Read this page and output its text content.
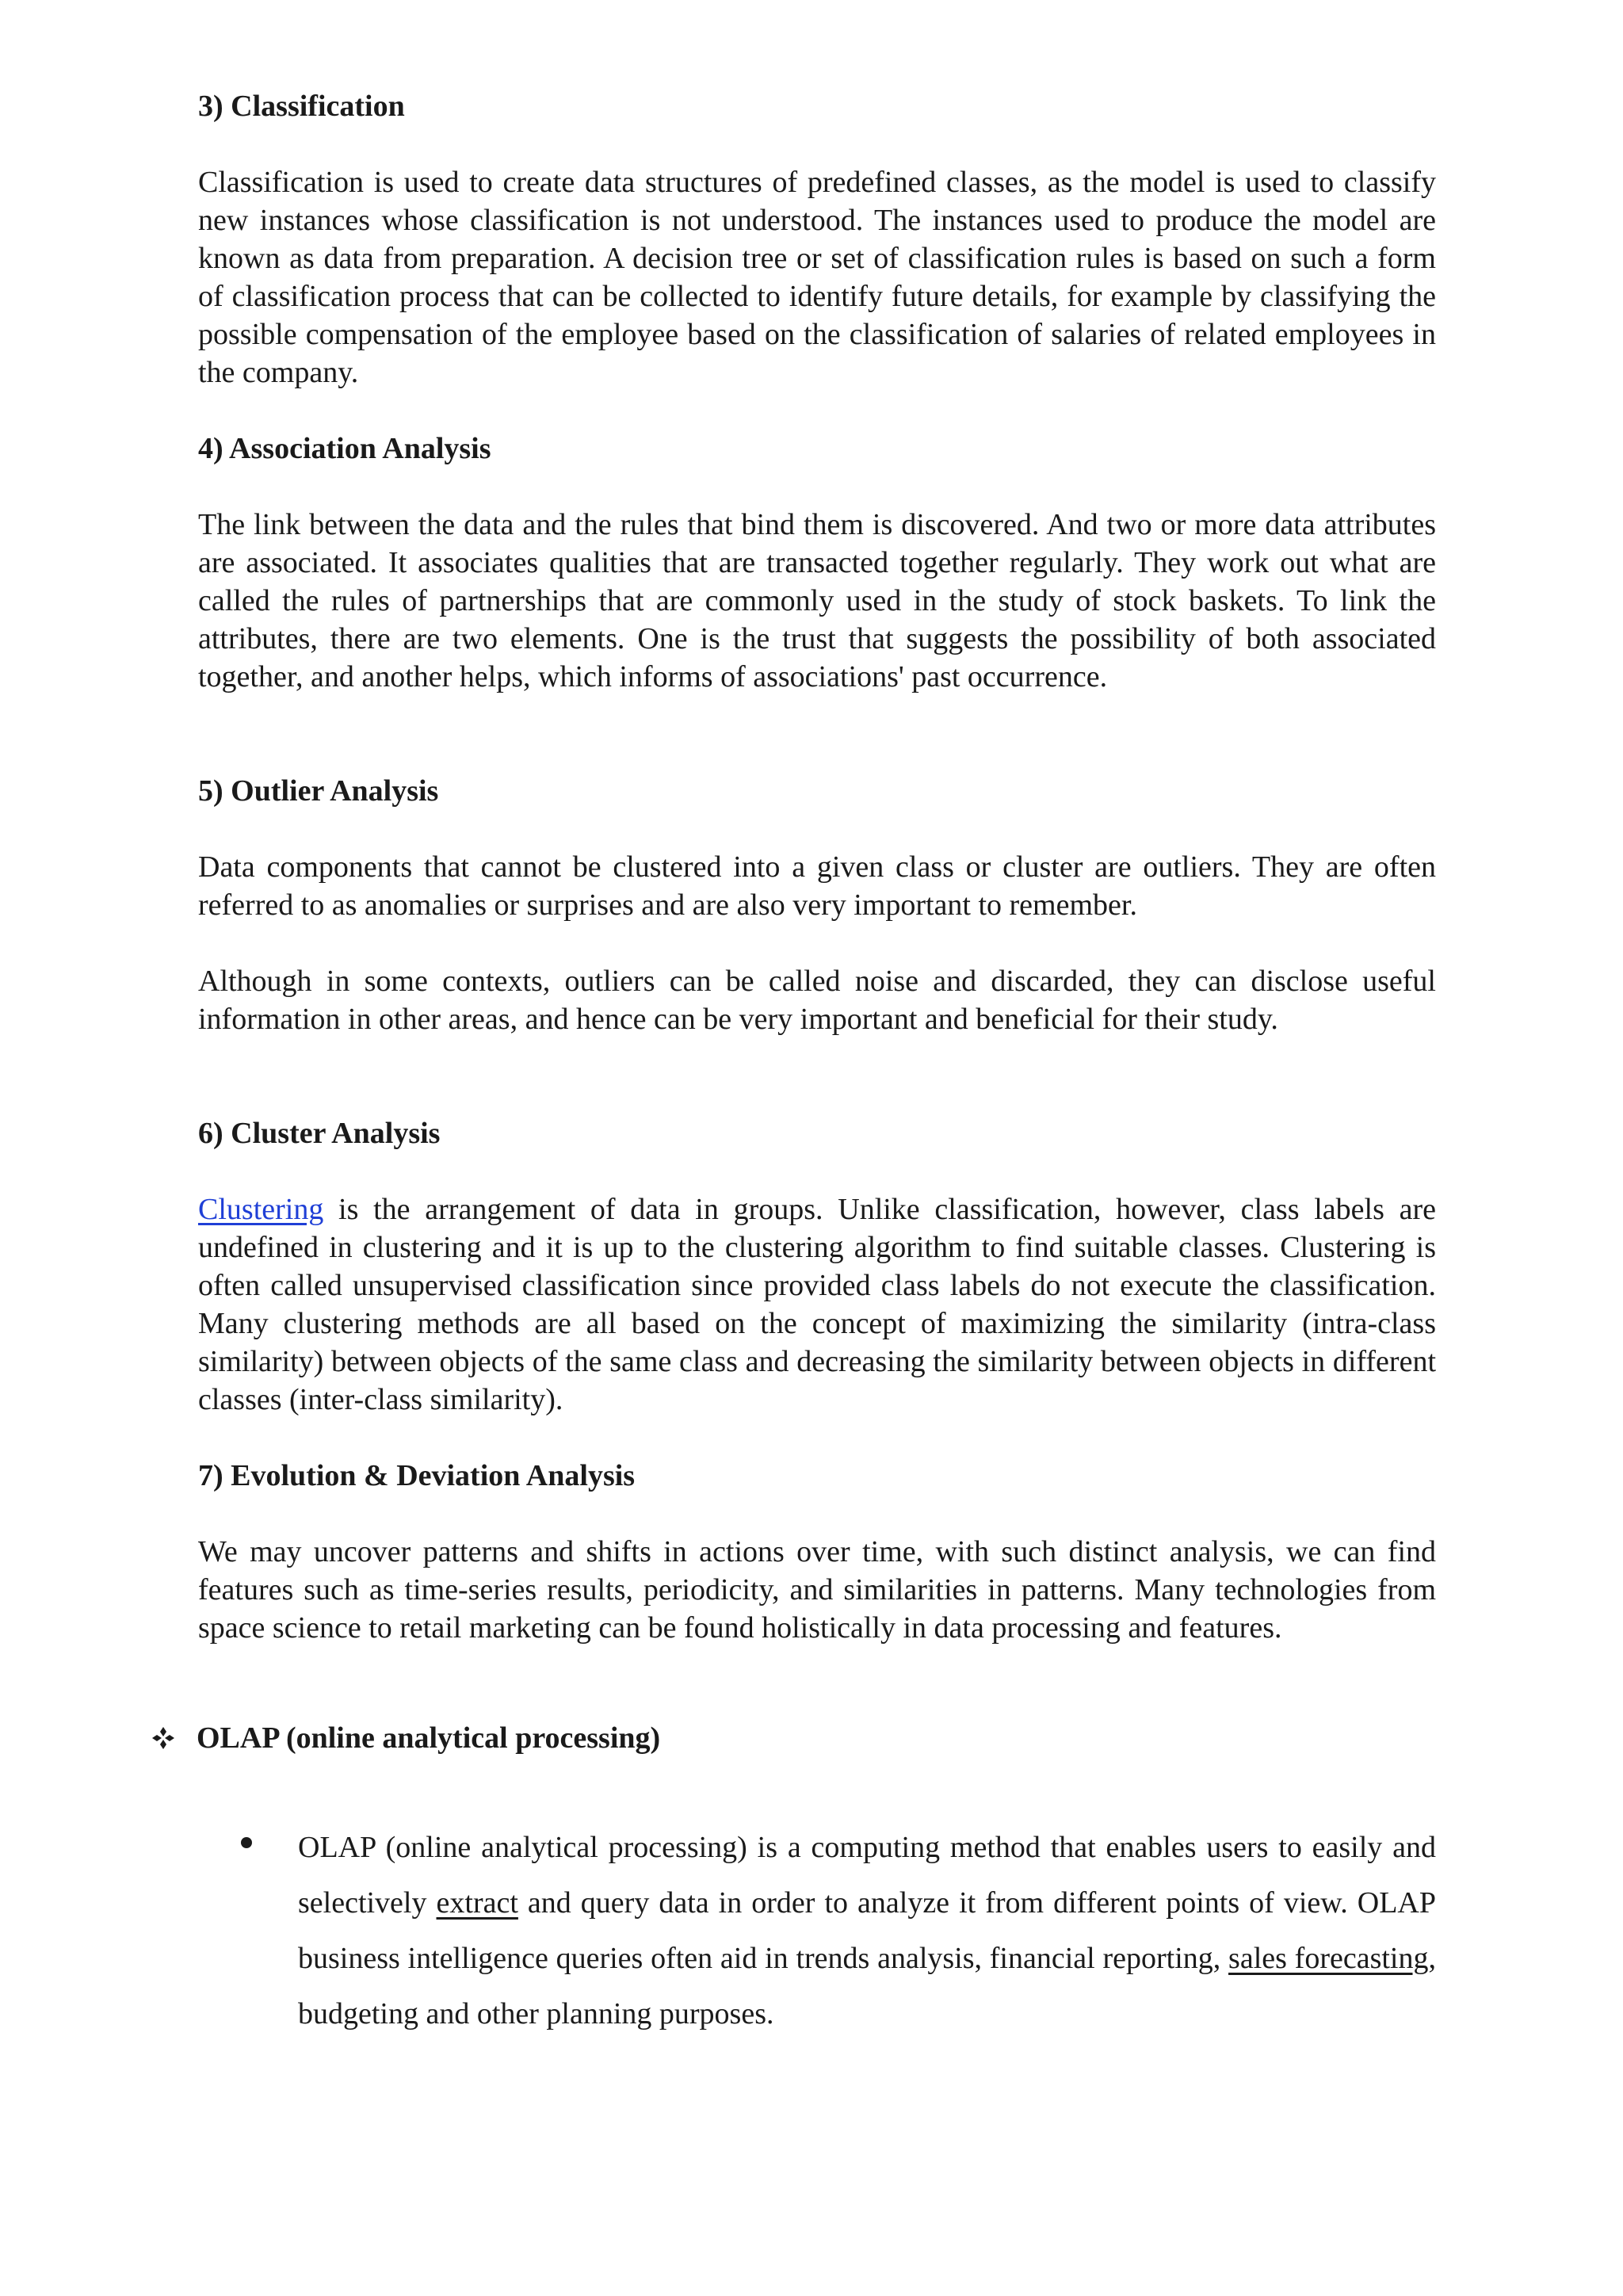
3) Classification

Classification is used to create data structures of predefined classes, as the model is used to classify new instances whose classification is not understood. The instances used to produce the model are known as data from preparation. A decision tree or set of classification rules is based on such a form of classification process that can be collected to identify future details, for example by classifying the possible compensation of the employee based on the classification of salaries of related employees in the company.

4) Association Analysis

The link between the data and the rules that bind them is discovered. And two or more data attributes are associated. It associates qualities that are transacted together regularly. They work out what are called the rules of partnerships that are commonly used in the study of stock baskets. To link the attributes, there are two elements. One is the trust that suggests the possibility of both associated together, and another helps, which informs of associations' past occurrence.

5) Outlier Analysis

Data components that cannot be clustered into a given class or cluster are outliers. They are often referred to as anomalies or surprises and are also very important to remember.

Although in some contexts, outliers can be called noise and discarded, they can disclose useful information in other areas, and hence can be very important and beneficial for their study.

6) Cluster Analysis

Clustering is the arrangement of data in groups. Unlike classification, however, class labels are undefined in clustering and it is up to the clustering algorithm to find suitable classes. Clustering is often called unsupervised classification since provided class labels do not execute the classification. Many clustering methods are all based on the concept of maximizing the similarity (intra-class similarity) between objects of the same class and decreasing the similarity between objects in different classes (inter-class similarity).

7) Evolution & Deviation Analysis

We may uncover patterns and shifts in actions over time, with such distinct analysis, we can find features such as time-series results, periodicity, and similarities in patterns. Many technologies from space science to retail marketing can be found holistically in data processing and features.

OLAP (online analytical processing)

OLAP (online analytical processing) is a computing method that enables users to easily and selectively extract and query data in order to analyze it from different points of view. OLAP business intelligence queries often aid in trends analysis, financial reporting, sales forecasting, budgeting and other planning purposes.
